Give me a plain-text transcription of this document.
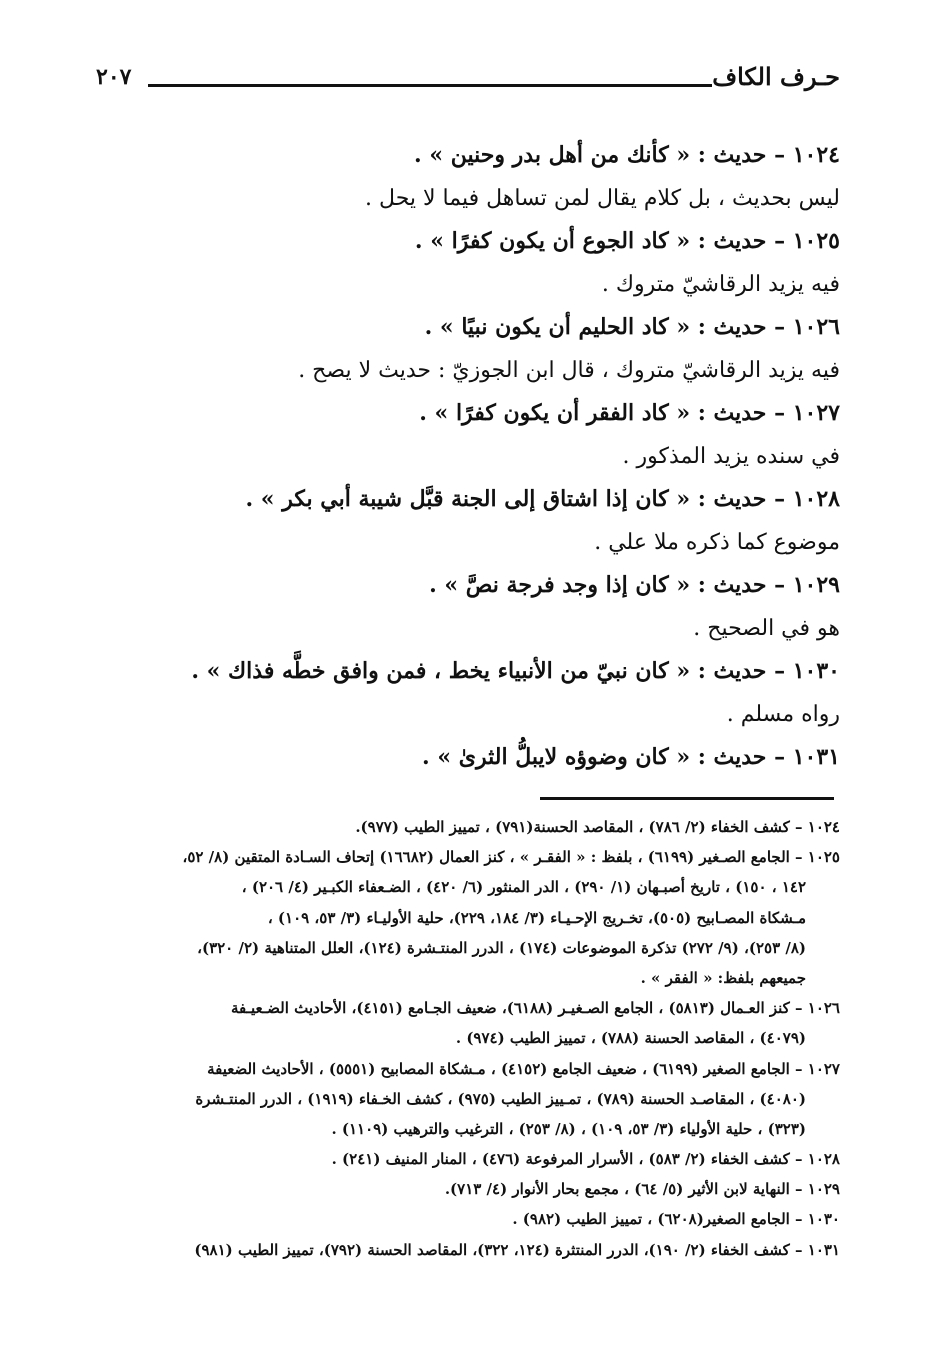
حـرف الكاف
٢٠٧
١٠٢٤ – حديث : « كأنك من أهل بدر وحنين » .
ليس بحديث ، بل كلام يقال لمن تساهل فيما لا يحل .
١٠٢٥ – حديث : « كاد الجوع أن يكون كفرًا » .
فيه يزيد الرقاشيّ متروك .
١٠٢٦ – حديث : « كاد الحليم أن يكون نبيًا » .
فيه يزيد الرقاشيّ متروك ، قال ابن الجوزيّ : حديث لا يصح .
١٠٢٧ – حديث : « كاد الفقر أن يكون كفرًا » .
في سنده يزيد المذكور .
١٠٢٨ – حديث : « كان إذا اشتاق إلى الجنة قبَّل شيبة أبي بكر » .
موضوع كما ذكره ملا علي .
١٠٢٩ – حديث : « كان إذا وجد فرجة نصَّ » .
هو في الصحيح .
١٠٣٠ – حديث : « كان نبيّ من الأنبياء يخط ، فمن وافق خطَّه فذاك » .
رواه مسلم .
١٠٣١ – حديث : « كان وضوؤه لايبلُّ الثرىٰ » .
١٠٢٤ – كشف الخفاء (٢/ ٧٨٦) ، المقاصد الحسنة(٧٩١) ، تمييز الطيب (٩٧٧).
١٠٢٥ – الجامع الصـغير (٦١٩٩) ، بلفظ : « الفقـر » ، كنز العمال (١٦٦٨٢) إتحاف السـادة المتقين (٨/ ٥٢،
١٤٢ ، ١٥٠) ، تاريخ أصبـهان (١/ ٢٩٠) ، الدر المنثور (٦/ ٤٢٠) ، الضـعفاء الكبـير (٤/ ٢٠٦) ،
مـشكاة المصـابيح (٥٠٥)، تخـريج الإحـيـاء (٣/ ١٨٤، ٢٢٩)، حلية الأوليـاء (٣/ ٥٣، ١٠٩) ،
(٨/ ٢٥٣)، (٩/ ٢٧٢) تذكرة الموضوعات (١٧٤) ، الدرر المنتـشرة (١٢٤)، العلل المتناهية (٢/ ٣٢٠)،
جميعهم بلفظ: « الفقر » .
١٠٢٦ – كنز العـمال (٥٨١٣) ، الجامع الصـغيـر (٦١٨٨)، ضعيف الجـامع (٤١٥١)، الأحاديث الضـعيـفة
(٤٠٧٩) ، المقاصد الحسنة (٧٨٨) ، تمييز الطيب (٩٧٤) .
١٠٢٧ – الجامع الصغير (٦١٩٩) ، ضعيف الجامع (٤١٥٢) ، مـشكاة المصابيح (٥٥٥١) ، الأحاديث الضعيفة
(٤٠٨٠) ، المقاصـد الحسنة (٧٨٩) ، تمـييز الطيب (٩٧٥) ، كشف الخـفاء (١٩١٩) ، الدرر المنتـشرة
(٣٢٣) ، حلية الأولياء (٣/ ٥٣، ١٠٩) ، (٨/ ٢٥٣) ، الترغيب والترهيب (١١٠٩) .
١٠٢٨ – كشف الخفاء (٢/ ٥٨٣) ، الأسرار المرفوعة (٤٧٦) ، المنار المنيف (٢٤١) .
١٠٢٩ – النهاية لابن الأثير (٥/ ٦٤) ، مجمع بحار الأنوار (٤/ ٧١٣).
١٠٣٠ – الجامع الصغير(٦٢٠٨) ، تمييز الطيب (٩٨٢) .
١٠٣١ – كشف الخفاء (٢/ ١٩٠)، الدرر المنتثرة (١٢٤، ٣٢٢)، المقاصد الحسنة (٧٩٢)، تمييز الطيب (٩٨١)
